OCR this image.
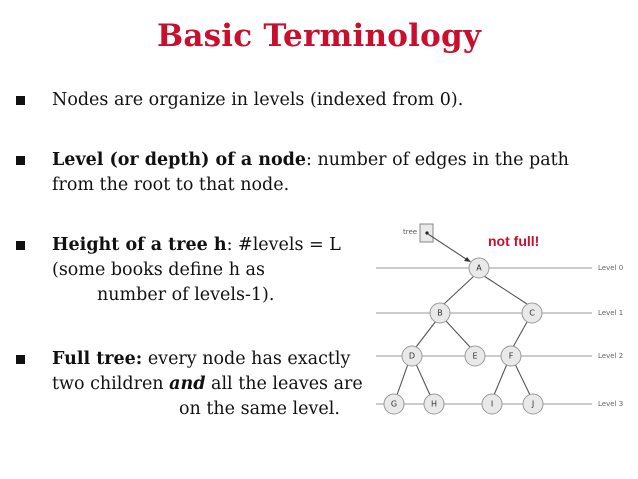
Basic Terminology
Nodes are organize in levels (indexed from 0).
Level (or depth) of a node: number of edges in the path
from the root to that node.
Height of a tree h: #levels = L
(some books define h as
number of levels-1).
Full tree: every node has exactly
two children and all the leaves are
on the same level.
tree
not full!
Level 0
Level 1
Level 2
Level 3
A
B	C
D	E	F
G	H	I	J
